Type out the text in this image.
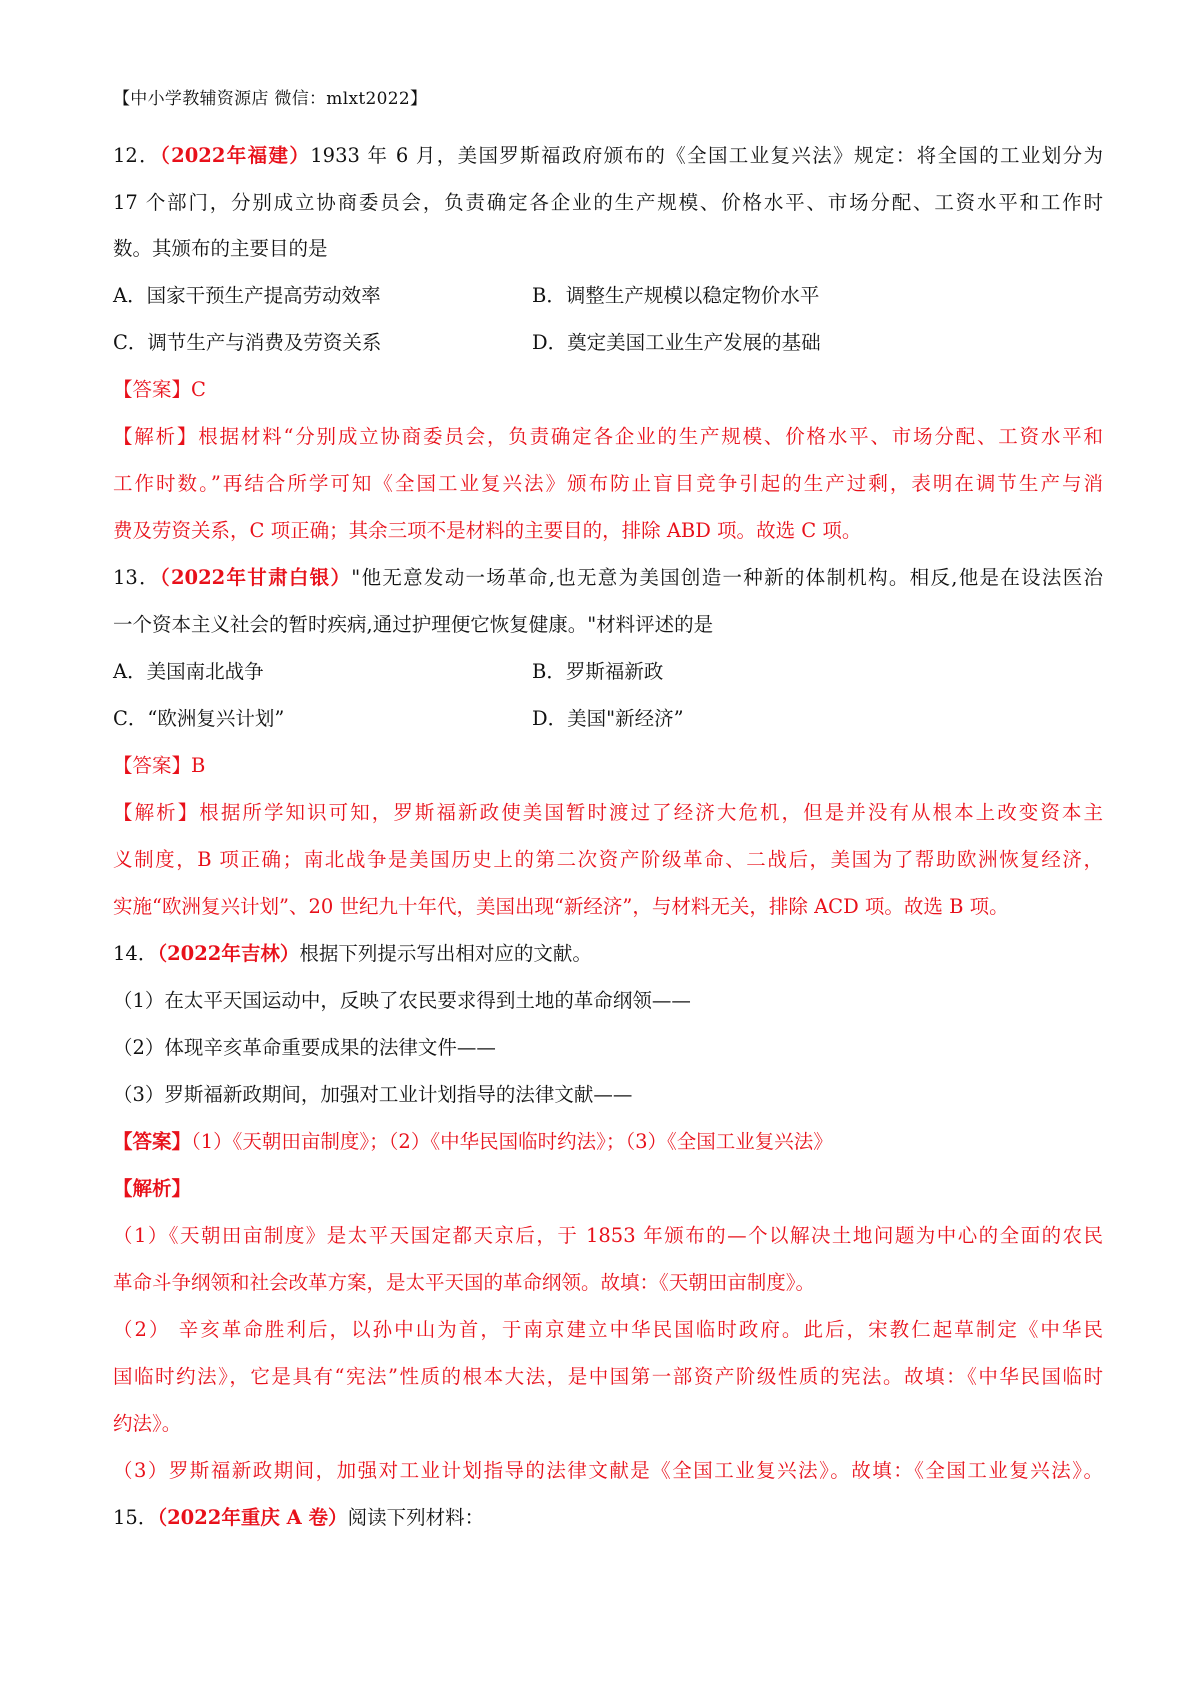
【中小学教辅资源店 微信：mlxt2022】
12．（2022年福建）1933 年 6 月，美国罗斯福政府颁布的《全国工业复兴法》规定：将全国的工业划分为
17 个部门，分别成立协商委员会，负责确定各企业的生产规模、价格水平、市场分配、工资水平和工作时
数。其颁布的主要目的是
A．国家干预生产提高劳动效率	B．调整生产规模以稳定物价水平
C．调节生产与消费及劳资关系	D．奠定美国工业生产发展的基础
【答案】C
【解析】根据材料“分别成立协商委员会，负责确定各企业的生产规模、价格水平、市场分配、工资水平和
工作时数。”再结合所学可知《全国工业复兴法》颁布防止盲目竞争引起的生产过剩，表明在调节生产与消
费及劳资关系，C 项正确；其余三项不是材料的主要目的，排除 ABD 项。故选 C 项。
13．（2022年甘肃白银）"他无意发动一场革命,也无意为美国创造一种新的体制机构。相反,他是在设法医治
一个资本主义社会的暂时疾病,通过护理便它恢复健康。"材料评述的是
A．美国南北战争	B．罗斯福新政
C．“欧洲复兴计划”	D．美国"新经济”
【答案】B
【解析】根据所学知识可知，罗斯福新政使美国暂时渡过了经济大危机，但是并没有从根本上改变资本主
义制度，B 项正确；南北战争是美国历史上的第二次资产阶级革命、二战后，美国为了帮助欧洲恢复经济，
实施“欧洲复兴计划”、20 世纪九十年代，美国出现“新经济”，与材料无关，排除 ACD 项。故选 B 项。
14．（2022年吉林）根据下列提示写出相对应的文献。
（1）在太平天国运动中，反映了农民要求得到土地的革命纲领——
（2）体现辛亥革命重要成果的法律文件——
（3）罗斯福新政期间，加强对工业计划指导的法律文献——
【答案】（1）《天朝田亩制度》；（2）《中华民国临时约法》；（3）《全国工业复兴法》
【解析】
（1）《天朝田亩制度》是太平天国定都天京后，于 1853 年颁布的—个以解决土地问题为中心的全面的农民
革命斗争纲领和社会改革方案，是太平天国的革命纲领。故填：《天朝田亩制度》。
（2） 辛亥革命胜利后，以孙中山为首，于南京建立中华民国临时政府。此后，宋教仁起草制定《中华民
国临时约法》，它是具有“宪法”性质的根本大法，是中国第一部资产阶级性质的宪法。故填：《中华民国临时
约法》。
（3）罗斯福新政期间，加强对工业计划指导的法律文献是《全国工业复兴法》。故填：《全国工业复兴法》。
15．（2022年重庆 A 卷）阅读下列材料：
